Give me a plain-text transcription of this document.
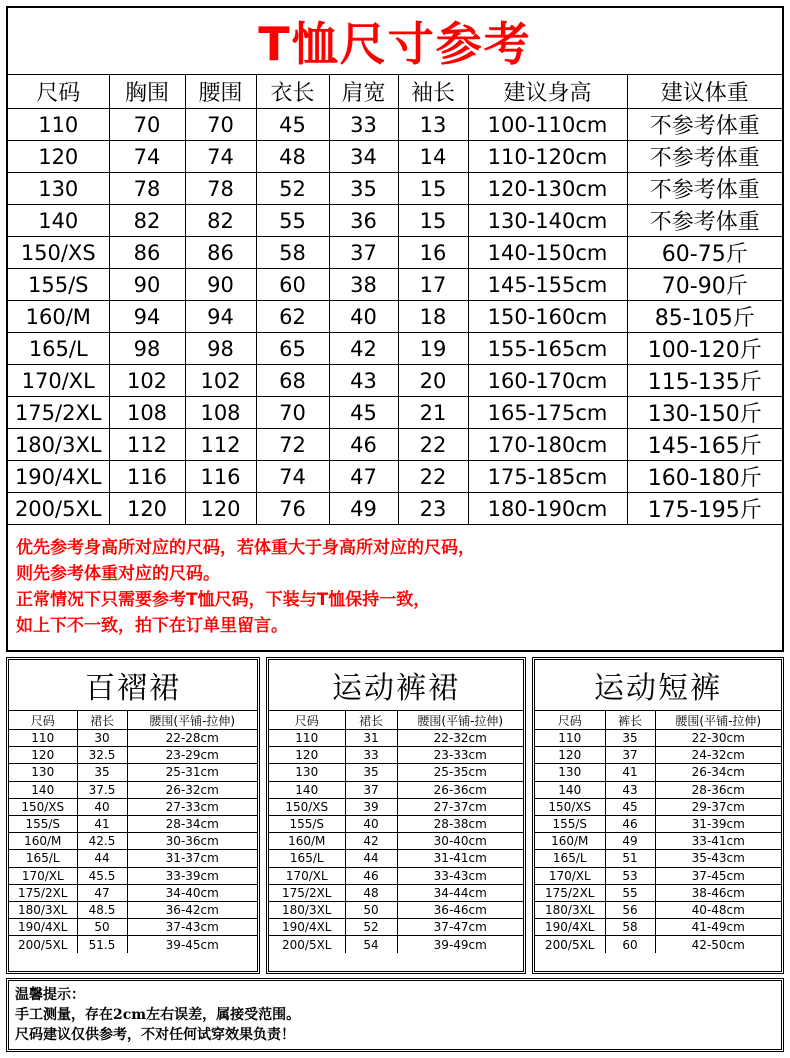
T恤尺寸参考
尺码	胸围	腰围	衣长	肩宽	袖长	建议身高	建议体重
110	70	70	45	33	13	100-110cm	不参考体重
120	74	74	48	34	14	110-120cm	不参考体重
130	78	78	52	35	15	120-130cm	不参考体重
140	82	82	55	36	15	130-140cm	不参考体重
150/XS	86	86	58	37	16	140-150cm	60-75斤
155/S	90	90	60	38	17	145-155cm	70-90斤
160/M	94	94	62	40	18	150-160cm	85-105斤
165/L	98	98	65	42	19	155-165cm	100-120斤
170/XL	102	102	68	43	20	160-170cm	115-135斤
175/2XL	108	108	70	45	21	165-175cm	130-150斤
180/3XL	112	112	72	46	22	170-180cm	145-165斤
190/4XL	116	116	74	47	22	175-185cm	160-180斤
200/5XL	120	120	76	49	23	180-190cm	175-195斤
优先参考身高所对应的尺码，若体重大于身高所对应的尺码，
则先参考体重对应的尺码。
正常情况下只需要参考T恤尺码，下装与T恤保持一致，
如上下不一致，拍下在订单里留言。
百褶裙
尺码	裙长	腰围(平铺-拉伸)
110	30	22-28cm
120	32.5	23-29cm
130	35	25-31cm
140	37.5	26-32cm
150/XS	40	27-33cm
155/S	41	28-34cm
160/M	42.5	30-36cm
165/L	44	31-37cm
170/XL	45.5	33-39cm
175/2XL	47	34-40cm
180/3XL	48.5	36-42cm
190/4XL	50	37-43cm
200/5XL	51.5	39-45cm
运动裤裙
尺码	裙长	腰围(平铺-拉伸)
110	31	22-32cm
120	33	23-33cm
130	35	25-35cm
140	37	26-36cm
150/XS	39	27-37cm
155/S	40	28-38cm
160/M	42	30-40cm
165/L	44	31-41cm
170/XL	46	33-43cm
175/2XL	48	34-44cm
180/3XL	50	36-46cm
190/4XL	52	37-47cm
200/5XL	54	39-49cm
运动短裤
尺码	裤长	腰围(平铺-拉伸)
110	35	22-30cm
120	37	24-32cm
130	41	26-34cm
140	43	28-36cm
150/XS	45	29-37cm
155/S	46	31-39cm
160/M	49	33-41cm
165/L	51	35-43cm
170/XL	53	37-45cm
175/2XL	55	38-46cm
180/3XL	56	40-48cm
190/4XL	58	41-49cm
200/5XL	60	42-50cm
温馨提示：
手工测量，存在2cm左右误差，属接受范围。
尺码建议仅供参考，不对任何试穿效果负责！
